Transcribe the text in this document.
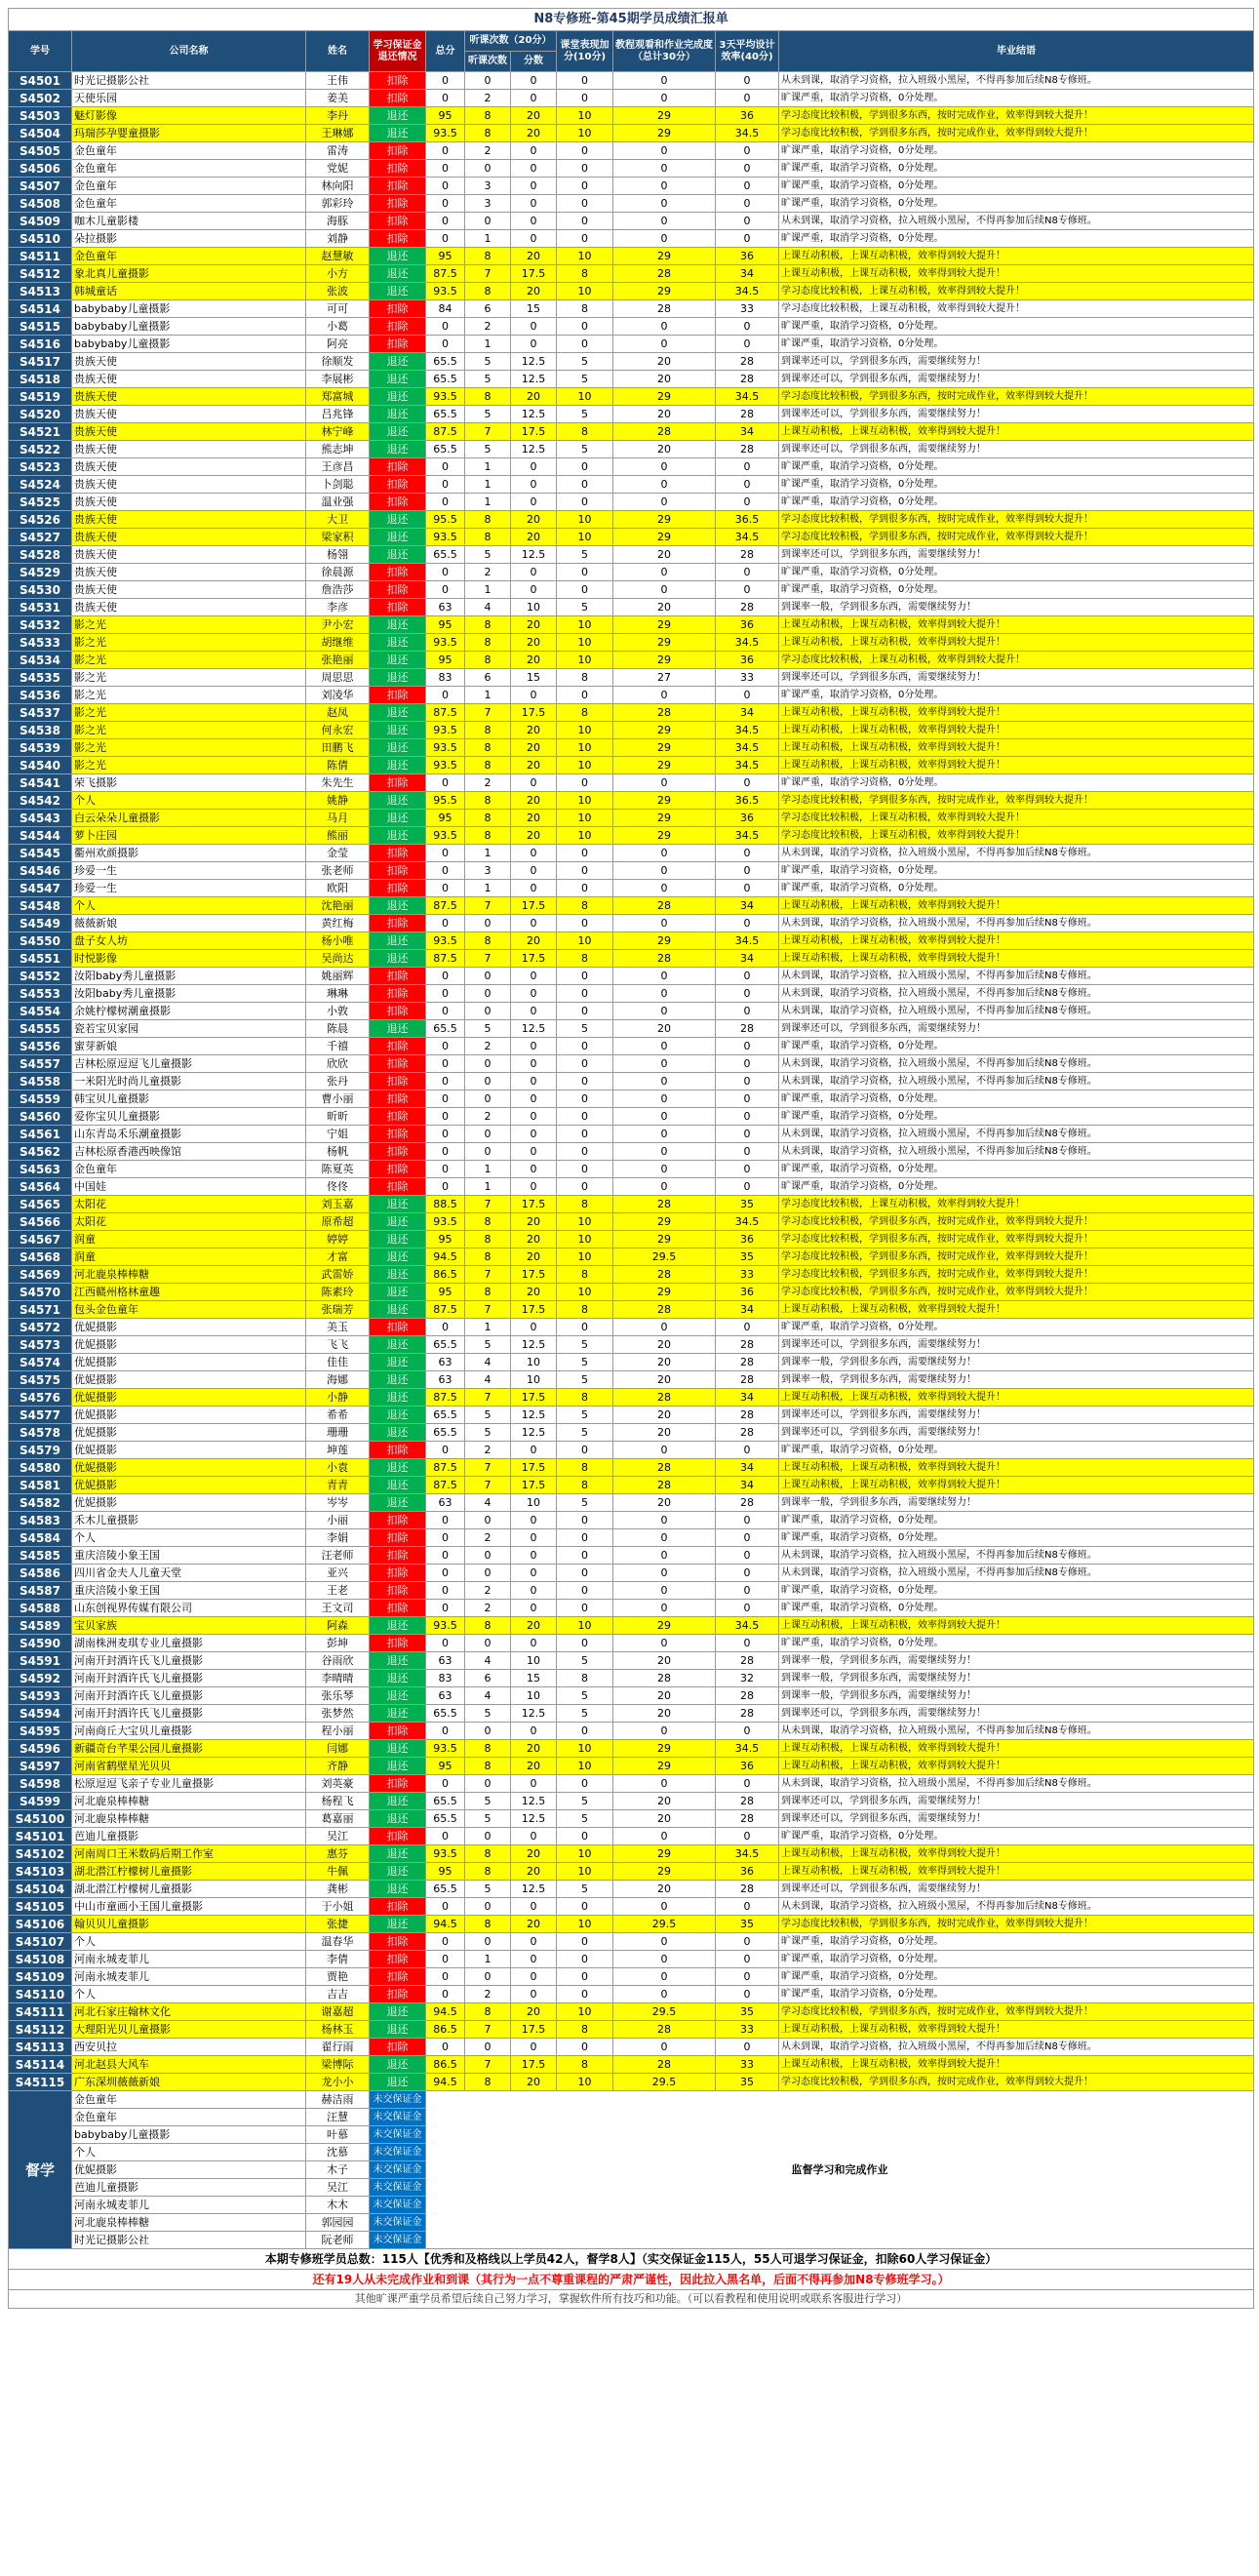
N8专修班-第45期学员成绩汇报单										
学号	公司名称	姓名	学习保证金退还情况	总分	听课次数（20分）		课堂表现加分(10分)	教程观看和作业完成度（总计30分）	3天平均设计效率(40分)	毕业结语
					听课次数	分数				
S4501	时光记摄影公社	王伟	扣除	0	0	0	0	0	0	从未到课，取消学习资格，拉入班级小黑屋，不得再参加后续N8专修班。
S4502	天使乐园	姜美	扣除	0	2	0	0	0	0	旷课严重，取消学习资格，0分处理。
S4503	魅灯影像	李丹	退还	95	8	20	10	29	36	学习态度比较积极，学到很多东西，按时完成作业，效率得到较大提升！
S4504	玛瑞莎孕婴童摄影	王琳娜	退还	93.5	8	20	10	29	34.5	学习态度比较积极，学到很多东西，按时完成作业，效率得到较大提升！
S4505	金色童年	雷涛	扣除	0	2	0	0	0	0	旷课严重，取消学习资格，0分处理。
S4506	金色童年	党妮	扣除	0	0	0	0	0	0	旷课严重，取消学习资格，0分处理。
S4507	金色童年	林向阳	扣除	0	3	0	0	0	0	旷课严重，取消学习资格，0分处理。
S4508	金色童年	郭彩玲	扣除	0	3	0	0	0	0	旷课严重，取消学习资格，0分处理。
S4509	咖木儿童影楼	海豚	扣除	0	0	0	0	0	0	从未到课，取消学习资格，拉入班级小黑屋，不得再参加后续N8专修班。
S4510	朵拉摄影	刘静	扣除	0	1	0	0	0	0	旷课严重，取消学习资格，0分处理。
S4511	金色童年	赵慧敏	退还	95	8	20	10	29	36	上课互动积极，上课互动积极，效率得到较大提升！
S4512	象北真儿童摄影	小方	退还	87.5	7	17.5	8	28	34	上课互动积极，上课互动积极，效率得到较大提升！
S4513	韩城童话	张波	退还	93.5	8	20	10	29	34.5	学习态度比较积极，上课互动积极，效率得到较大提升！
S4514	babybaby儿童摄影	可可	扣除	84	6	15	8	28	33	学习态度比较积极，上课互动积极，效率得到较大提升！
S4515	babybaby儿童摄影	小葛	扣除	0	2	0	0	0	0	旷课严重，取消学习资格，0分处理。
S4516	babybaby儿童摄影	阿亮	扣除	0	1	0	0	0	0	旷课严重，取消学习资格，0分处理。
S4517	贵族天使	徐顺发	退还	65.5	5	12.5	5	20	28	到课率还可以，学到很多东西，需要继续努力！
S4518	贵族天使	李展彬	退还	65.5	5	12.5	5	20	28	到课率还可以，学到很多东西，需要继续努力！
S4519	贵族天使	郑富城	退还	93.5	8	20	10	29	34.5	学习态度比较积极，学到很多东西，按时完成作业，效率得到较大提升！
S4520	贵族天使	吕兆锋	退还	65.5	5	12.5	5	20	28	到课率还可以，学到很多东西，需要继续努力！
S4521	贵族天使	林宁峰	退还	87.5	7	17.5	8	28	34	上课互动积极，上课互动积极，效率得到较大提升！
S4522	贵族天使	熊志坤	退还	65.5	5	12.5	5	20	28	到课率还可以，学到很多东西，需要继续努力！
S4523	贵族天使	王彦昌	扣除	0	1	0	0	0	0	旷课严重，取消学习资格，0分处理。
S4524	贵族天使	卜剑聪	扣除	0	1	0	0	0	0	旷课严重，取消学习资格，0分处理。
S4525	贵族天使	温业强	扣除	0	1	0	0	0	0	旷课严重，取消学习资格，0分处理。
S4526	贵族天使	大卫	退还	95.5	8	20	10	29	36.5	学习态度比较积极，学到很多东西，按时完成作业，效率得到较大提升！
S4527	贵族天使	梁家积	退还	93.5	8	20	10	29	34.5	学习态度比较积极，学到很多东西，按时完成作业，效率得到较大提升！
S4528	贵族天使	杨翎	退还	65.5	5	12.5	5	20	28	到课率还可以，学到很多东西，需要继续努力！
S4529	贵族天使	徐晨源	扣除	0	2	0	0	0	0	旷课严重，取消学习资格，0分处理。
S4530	贵族天使	詹浩莎	扣除	0	1	0	0	0	0	旷课严重，取消学习资格，0分处理。
S4531	贵族天使	李彦	扣除	63	4	10	5	20	28	到课率一般，学到很多东西，需要继续努力！
S4532	影之光	尹小宏	退还	95	8	20	10	29	36	上课互动积极，上课互动积极，效率得到较大提升！
S4533	影之光	胡继维	退还	93.5	8	20	10	29	34.5	上课互动积极，上课互动积极，效率得到较大提升！
S4534	影之光	张艳丽	退还	95	8	20	10	29	36	学习态度比较积极，上课互动积极，效率得到较大提升！
S4535	影之光	周思思	退还	83	6	15	8	27	33	到课率还可以，学到很多东西，需要继续努力！
S4536	影之光	刘凌华	扣除	0	1	0	0	0	0	旷课严重，取消学习资格，0分处理。
S4537	影之光	赵凤	退还	87.5	7	17.5	8	28	34	上课互动积极，上课互动积极，效率得到较大提升！
S4538	影之光	何永宏	退还	93.5	8	20	10	29	34.5	上课互动积极，上课互动积极，效率得到较大提升！
S4539	影之光	田鹏飞	退还	93.5	8	20	10	29	34.5	上课互动积极，上课互动积极，效率得到较大提升！
S4540	影之光	陈倩	退还	93.5	8	20	10	29	34.5	上课互动积极，上课互动积极，效率得到较大提升！
S4541	荣飞摄影	朱先生	扣除	0	2	0	0	0	0	旷课严重，取消学习资格，0分处理。
S4542	个人	姚静	退还	95.5	8	20	10	29	36.5	学习态度比较积极，学到很多东西，按时完成作业，效率得到较大提升！
S4543	白云朵朵儿童摄影	马月	退还	95	8	20	10	29	36	学习态度比较积极，上课互动积极，效率得到较大提升！
S4544	萝卜庄园	熊丽	退还	93.5	8	20	10	29	34.5	学习态度比较积极，上课互动积极，效率得到较大提升！
S4545	衢州欢颜摄影	金莹	扣除	0	1	0	0	0	0	从未到课，取消学习资格，拉入班级小黑屋，不得再参加后续N8专修班。
S4546	珍爱一生	张老师	扣除	0	3	0	0	0	0	旷课严重，取消学习资格，0分处理。
S4547	珍爱一生	欧阳	扣除	0	1	0	0	0	0	旷课严重，取消学习资格，0分处理。
S4548	个人	沈艳丽	退还	87.5	7	17.5	8	28	34	上课互动积极，上课互动积极，效率得到较大提升！
S4549	薇薇新娘	黄红梅	扣除	0	0	0	0	0	0	从未到课，取消学习资格，拉入班级小黑屋，不得再参加后续N8专修班。
S4550	盘子女人坊	杨小唯	退还	93.5	8	20	10	29	34.5	上课互动积极，上课互动积极，效率得到较大提升！
S4551	时悦影像	吴尚达	退还	87.5	7	17.5	8	28	34	上课互动积极，上课互动积极，效率得到较大提升！
S4552	汝阳baby秀儿童摄影	姚丽辉	扣除	0	0	0	0	0	0	从未到课，取消学习资格，拉入班级小黑屋，不得再参加后续N8专修班。
S4553	汝阳baby秀儿童摄影	琳琳	扣除	0	0	0	0	0	0	从未到课，取消学习资格，拉入班级小黑屋，不得再参加后续N8专修班。
S4554	余姚柠檬树潮童摄影	小敦	扣除	0	0	0	0	0	0	从未到课，取消学习资格，拉入班级小黑屋，不得再参加后续N8专修班。
S4555	瓷若宝贝家园	陈晨	退还	65.5	5	12.5	5	20	28	到课率还可以，学到很多东西，需要继续努力！
S4556	蜜芽新娘	千禧	扣除	0	2	0	0	0	0	旷课严重，取消学习资格，0分处理。
S4557	吉林松原逗逗飞儿童摄影	欣欣	扣除	0	0	0	0	0	0	从未到课，取消学习资格，拉入班级小黑屋，不得再参加后续N8专修班。
S4558	一米阳光时尚儿童摄影	张丹	扣除	0	0	0	0	0	0	从未到课，取消学习资格，拉入班级小黑屋，不得再参加后续N8专修班。
S4559	韩宝贝儿童摄影	曹小丽	扣除	0	0	0	0	0	0	旷课严重，取消学习资格，0分处理。
S4560	爱你宝贝儿童摄影	昕昕	扣除	0	2	0	0	0	0	旷课严重，取消学习资格，0分处理。
S4561	山东青岛禾乐潮童摄影	宁姐	扣除	0	0	0	0	0	0	从未到课，取消学习资格，拉入班级小黑屋，不得再参加后续N8专修班。
S4562	吉林松原香港西映像馆	杨帆	扣除	0	0	0	0	0	0	从未到课，取消学习资格，拉入班级小黑屋，不得再参加后续N8专修班。
S4563	金色童年	陈夏英	扣除	0	1	0	0	0	0	旷课严重，取消学习资格，0分处理。
S4564	中国娃	佟佟	扣除	0	1	0	0	0	0	旷课严重，取消学习资格，0分处理。
S4565	太阳花	刘玉嘉	退还	88.5	7	17.5	8	28	35	学习态度比较积极，上课互动积极，效率得到较大提升！
S4566	太阳花	原希超	退还	93.5	8	20	10	29	34.5	学习态度比较积极，学到很多东西，按时完成作业，效率得到较大提升！
S4567	润童	婷婷	退还	95	8	20	10	29	36	学习态度比较积极，学到很多东西，按时完成作业，效率得到较大提升！
S4568	润童	才富	退还	94.5	8	20	10	29.5	35	学习态度比较积极，学到很多东西，按时完成作业，效率得到较大提升！
S4569	河北鹿泉棒棒糖	武雷娇	退还	86.5	7	17.5	8	28	33	学习态度比较积极，学到很多东西，按时完成作业，效率得到较大提升！
S4570	江西赣州格林童趣	陈素玲	退还	95	8	20	10	29	36	学习态度比较积极，学到很多东西，按时完成作业，效率得到较大提升！
S4571	包头金色童年	张瑞芳	退还	87.5	7	17.5	8	28	34	上课互动积极，上课互动积极，效率得到较大提升！
S4572	优妮摄影	美玉	扣除	0	1	0	0	0	0	旷课严重，取消学习资格，0分处理。
S4573	优妮摄影	飞飞	退还	65.5	5	12.5	5	20	28	到课率还可以，学到很多东西，需要继续努力！
S4574	优妮摄影	佳佳	退还	63	4	10	5	20	28	到课率一般，学到很多东西，需要继续努力！
S4575	优妮摄影	海娜	退还	63	4	10	5	20	28	到课率一般，学到很多东西，需要继续努力！
S4576	优妮摄影	小静	退还	87.5	7	17.5	8	28	34	上课互动积极，上课互动积极，效率得到较大提升！
S4577	优妮摄影	希希	退还	65.5	5	12.5	5	20	28	到课率还可以，学到很多东西，需要继续努力！
S4578	优妮摄影	珊珊	退还	65.5	5	12.5	5	20	28	到课率还可以，学到很多东西，需要继续努力！
S4579	优妮摄影	坤莲	扣除	0	2	0	0	0	0	旷课严重，取消学习资格，0分处理。
S4580	优妮摄影	小袁	退还	87.5	7	17.5	8	28	34	上课互动积极，上课互动积极，效率得到较大提升！
S4581	优妮摄影	青青	退还	87.5	7	17.5	8	28	34	上课互动积极，上课互动积极，效率得到较大提升！
S4582	优妮摄影	岑岑	退还	63	4	10	5	20	28	到课率一般，学到很多东西，需要继续努力！
S4583	禾木儿童摄影	小丽	扣除	0	0	0	0	0	0	旷课严重，取消学习资格，0分处理。
S4584	个人	李娟	扣除	0	2	0	0	0	0	旷课严重，取消学习资格，0分处理。
S4585	重庆涪陵小象王国	汪老师	扣除	0	0	0	0	0	0	从未到课，取消学习资格，拉入班级小黑屋，不得再参加后续N8专修班。
S4586	四川省金夫人儿童天堂	亚兴	扣除	0	0	0	0	0	0	从未到课，取消学习资格，拉入班级小黑屋，不得再参加后续N8专修班。
S4587	重庆涪陵小象王国	王老	扣除	0	2	0	0	0	0	旷课严重，取消学习资格，0分处理。
S4588	山东创视界传媒有限公司	王文司	扣除	0	2	0	0	0	0	旷课严重，取消学习资格，0分处理。
S4589	宝贝家族	阿森	退还	93.5	8	20	10	29	34.5	上课互动积极，上课互动积极，效率得到较大提升！
S4590	湖南株洲麦琪专业儿童摄影	彭坤	扣除	0	0	0	0	0	0	旷课严重，取消学习资格，0分处理。
S4591	河南开封酒许氏飞儿童摄影	谷雨欣	退还	63	4	10	5	20	28	到课率一般，学到很多东西，需要继续努力！
S4592	河南开封酒许氏飞儿童摄影	李晴晴	退还	83	6	15	8	28	32	到课率一般，学到很多东西，需要继续努力！
S4593	河南开封酒许氏飞儿童摄影	张乐琴	退还	63	4	10	5	20	28	到课率一般，学到很多东西，需要继续努力！
S4594	河南开封酒许氏飞儿童摄影	张梦然	退还	65.5	5	12.5	5	20	28	到课率还可以，学到很多东西，需要继续努力！
S4595	河南商丘大宝贝儿童摄影	程小丽	扣除	0	0	0	0	0	0	从未到课，取消学习资格，拉入班级小黑屋，不得再参加后续N8专修班。
S4596	新疆奇台芊果公园儿童摄影	闫娜	退还	93.5	8	20	10	29	34.5	上课互动积极，上课互动积极，效率得到较大提升！
S4597	河南省鹤壁星光贝贝	齐静	退还	95	8	20	10	29	36	上课互动积极，上课互动积极，效率得到较大提升！
S4598	松原逗逗飞亲子专业儿童摄影	刘英豪	扣除	0	0	0	0	0	0	从未到课，取消学习资格，拉入班级小黑屋，不得再参加后续N8专修班。
S4599	河北鹿泉棒棒糖	杨程飞	退还	65.5	5	12.5	5	20	28	到课率还可以，学到很多东西，需要继续努力！
S45100	河北鹿泉棒棒糖	葛嘉丽	退还	65.5	5	12.5	5	20	28	到课率还可以，学到很多东西，需要继续努力！
S45101	芭迪儿童摄影	吴江	扣除	0	0	0	0	0	0	旷课严重，取消学习资格，0分处理。
S45102	河南周口王米数码后期工作室	惠芬	退还	93.5	8	20	10	29	34.5	上课互动积极，上课互动积极，效率得到较大提升！
S45103	湖北潜江柠檬树儿童摄影	牛佩	退还	95	8	20	10	29	36	上课互动积极，上课互动积极，效率得到较大提升！
S45104	湖北潜江柠檬树儿童摄影	龚彬	退还	65.5	5	12.5	5	20	28	到课率还可以，学到很多东西，需要继续努力！
S45105	中山市童画小王国儿童摄影	于小姐	扣除	0	0	0	0	0	0	从未到课，取消学习资格，拉入班级小黑屋，不得再参加后续N8专修班。
S45106	翰贝贝儿童摄影	张捷	退还	94.5	8	20	10	29.5	35	学习态度比较积极，学到很多东西，按时完成作业，效率得到较大提升！
S45107	个人	温春华	扣除	0	0	0	0	0	0	旷课严重，取消学习资格，0分处理。
S45108	河南永城麦菲儿	李倩	扣除	0	1	0	0	0	0	旷课严重，取消学习资格，0分处理。
S45109	河南永城麦菲儿	贾艳	扣除	0	0	0	0	0	0	旷课严重，取消学习资格，0分处理。
S45110	个人	吉吉	扣除	0	2	0	0	0	0	旷课严重，取消学习资格，0分处理。
S45111	河北石家庄翰林文化	谢嘉超	退还	94.5	8	20	10	29.5	35	学习态度比较积极，学到很多东西，按时完成作业，效率得到较大提升！
S45112	大理阳光贝儿童摄影	杨林玉	退还	86.5	7	17.5	8	28	33	上课互动积极，上课互动积极，效率得到较大提升！
S45113	西安贝拉	翟行雨	扣除	0	0	0	0	0	0	从未到课，取消学习资格，拉入班级小黑屋，不得再参加后续N8专修班。
S45114	河北赵县大风车	梁博际	退还	86.5	7	17.5	8	28	33	上课互动积极，上课互动积极，效率得到较大提升！
S45115	广东深圳薇薇新娘	龙小小	退还	94.5	8	20	10	29.5	35	学习态度比较积极，学到很多东西，按时完成作业，效率得到较大提升！
督学	金色童年	赫洁雨	未交保证金	监督学习和完成作业						
	金色童年	汪慧	未交保证金							
	babybaby儿童摄影	叶慕	未交保证金							
	个人	沈慕	未交保证金							
	优妮摄影	木子	未交保证金							
	芭迪儿童摄影	吴江	未交保证金							
	河南永城麦菲儿	木木	未交保证金							
	河北鹿泉棒棒糖	郭园园	未交保证金							
	时光记摄影公社	阮老师	未交保证金							
本期专修班学员总数：115人【优秀和及格线以上学员42人，督学8人】（实交保证金115人，55人可退学习保证金，扣除60人学习保证金）										
还有19人从未完成作业和到课（其行为一点不尊重课程的严肃严谨性，因此拉入黑名单，后面不得再参加N8专修班学习。）										
其他旷课严重学员希望后续自己努力学习，掌握软件所有技巧和功能。（可以看教程和使用说明或联系客服进行学习）										
